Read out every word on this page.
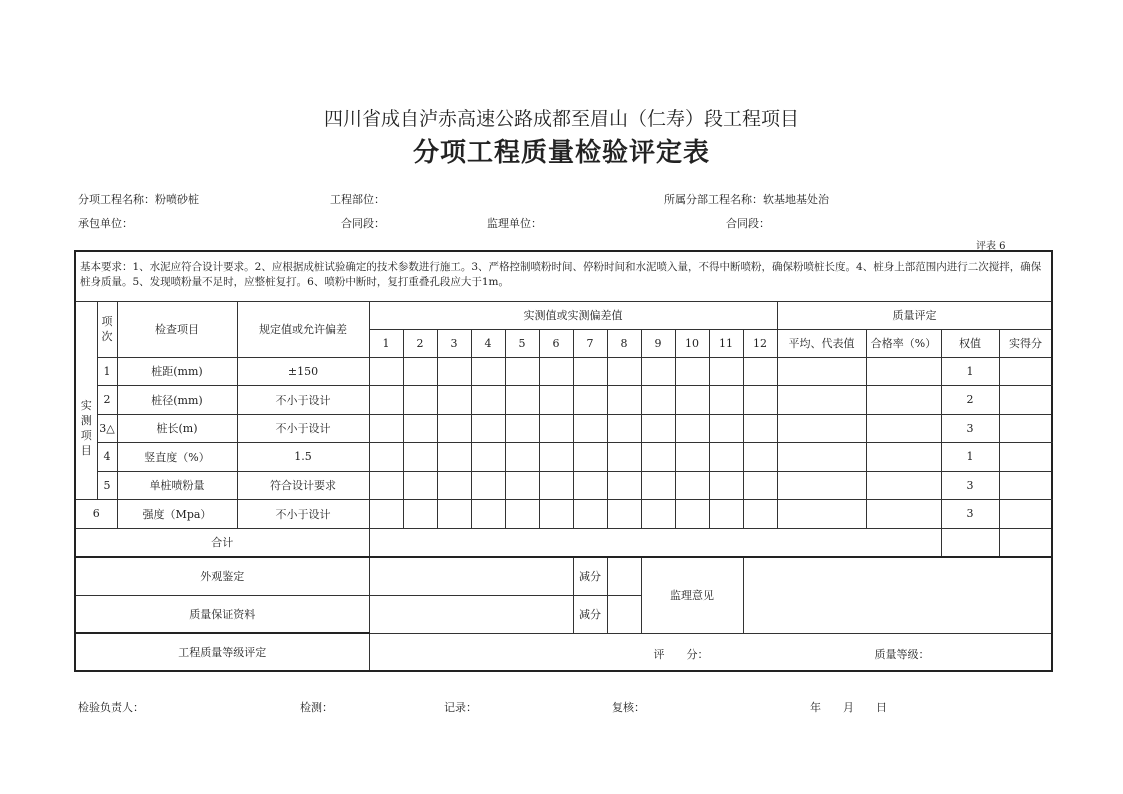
四川省成自泸赤高速公路成都至眉山（仁寿）段工程项目
分项工程质量检验评定表
分项工程名称：粉喷砂桩	工程部位：	所属分部工程名称：软基地基处治
承包单位：	合同段：	监理单位：	合同段：
评表 6
基本要求：1、水泥应符合设计要求。2、应根据成桩试验确定的技术参数进行施工。3、严格控制喷粉时间、停粉时间和水泥喷入量，不得中断喷粉，确保粉喷桩长度。4、桩身上部范围内进行二次搅拌，确保桩身质量。5、发现喷粉量不足时，应整桩复打。6、喷粉中断时，复打重叠孔段应大于1m。																			

	项次	检查项目	规定值或允许偏差	实测值或实测偏差值												质量评定			
				1	2	3	4	5	6	7	8	9	10	11	12	平均、代表值	合格率（%）	权值	实得分

实测项目	1	桩距(mm)	±150															1	
	2	桩径(mm)	不小于设计															2	
	3△	桩长(m)	不小于设计															3	
	4	竖直度（%）	1.5															1	
	5	单桩喷粉量	符合设计要求															3	
6		强度（Mpa）	不小于设计															3	
合计																			
外观鉴定										减分		监理意见							
质量保证资料										减分									
工程质量等级评定				评　　分： 质量等级：															
检验负责人：	检测：	记录：	复核：	年　　月　　日
